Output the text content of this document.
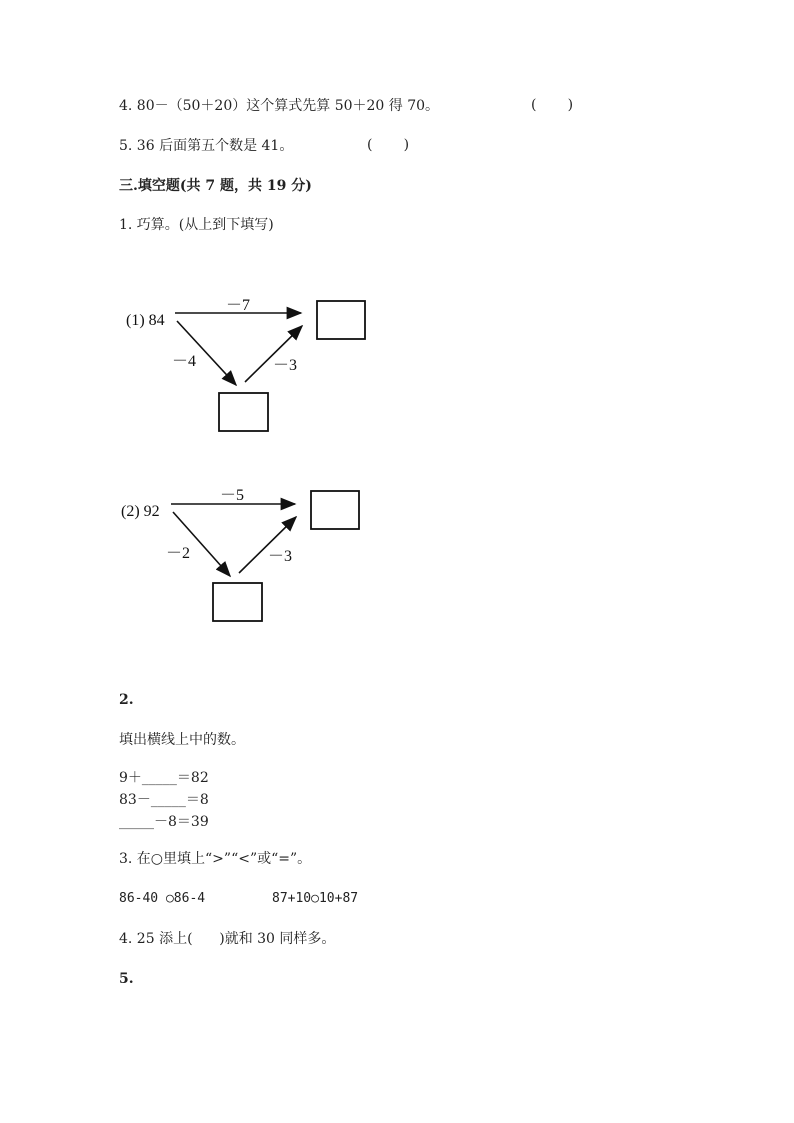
4. 80－（50＋20）这个算式先算 50＋20 得 70。	(       )
5. 36 后面第五个数是 41。	(       )
三.填空题(共 7 题，共 19 分)
1. 巧算。(从上到下填写)
(1) 84
－7
－4	－3
(2) 92
－5
－2	－3
2.
填出横线上中的数。
9＋_____＝82
83－_____＝8
_____－8＝39
3. 在○里填上“>”“<”或“=”。
86-40 ○86-4	87+10○10+87
4. 25 添上(      )就和 30 同样多。
5.
